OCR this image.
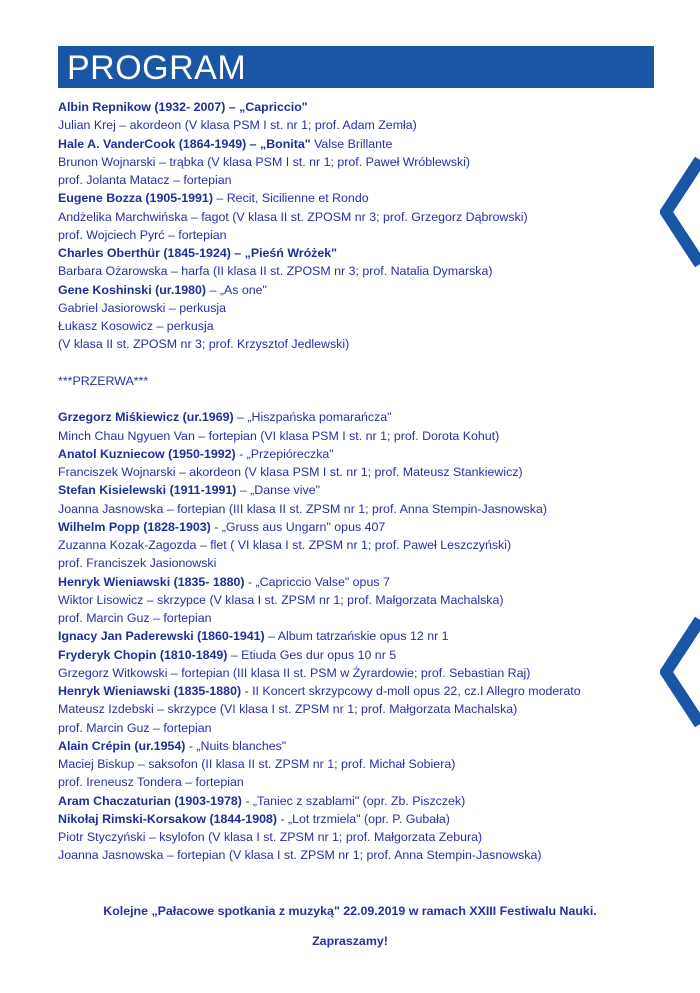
PROGRAM
Albin Repnikow (1932- 2007) – „Capriccio"
Julian Krej – akordeon (V klasa PSM I st. nr 1; prof. Adam Zemła)
Hale A. VanderCook (1864-1949) – „Bonita" Valse Brillante
Brunon Wojnarski – trąbka (V klasa PSM I st. nr 1; prof. Paweł Wróblewski)
prof. Jolanta Matacz – fortepian
Eugene Bozza (1905-1991) – Recit, Sicilienne et Rondo
Andżelika Marchwińska – fagot (V klasa II st. ZPOSM nr 3; prof. Grzegorz Dąbrowski)
prof. Wojciech Pyrć – fortepian
Charles Oberthür (1845-1924) – „Pieśń Wróżek"
Barbara Ożarowska – harfa (II klasa II st. ZPOSM nr 3; prof. Natalia Dymarska)
Gene Koshinski (ur.1980) – „As one"
Gabriel Jasiorowski – perkusja
Łukasz Kosowicz – perkusja
(V klasa II st. ZPOSM nr 3; prof. Krzysztof Jedlewski)
***PRZERWA***
Grzegorz Miśkiewicz (ur.1969) – „Hiszpańska pomarańcza"
Minch Chau Ngyuen Van – fortepian (VI klasa PSM I st. nr 1; prof. Dorota Kohut)
Anatol Kuzniecow (1950-1992) - „Przepióreczka"
Franciszek Wojnarski – akordeon (V klasa PSM I st. nr 1; prof. Mateusz Stankiewicz)
Stefan Kisielewski (1911-1991) – „Danse vive"
Joanna Jasnowska – fortepian (III klasa II st. ZPSM nr 1; prof. Anna Stempin-Jasnowska)
Wilhelm Popp (1828-1903) - „Gruss aus Ungarn" opus 407
Zuzanna Kozak-Zagozda – flet ( VI klasa I st. ZPSM nr 1; prof. Paweł Leszczyński)
prof. Franciszek Jasionowski
Henryk Wieniawski (1835- 1880) - „Capriccio Valse" opus 7
Wiktor Lisowicz – skrzypce (V klasa I st. ZPSM nr 1; prof. Małgorzata Machalska)
prof. Marcin Guz – fortepian
Ignacy Jan Paderewski (1860-1941) – Album tatrzańskie opus 12 nr 1
Fryderyk Chopin (1810-1849) – Etiuda Ges dur opus 10 nr 5
Grzegorz Witkowski – fortepian (III klasa II st. PSM w Żyrardowie; prof. Sebastian Raj)
Henryk Wieniawski (1835-1880) - II Koncert skrzypcowy d-moll opus 22, cz.I Allegro moderato
Mateusz Izdebski – skrzypce (VI klasa I st. ZPSM nr 1; prof. Małgorzata Machalska)
prof. Marcin Guz – fortepian
Alain Crépin (ur.1954) - „Nuits blanches"
Maciej Biskup – saksofon (II klasa II st. ZPSM nr 1; prof. Michał Sobiera)
prof. Ireneusz Tondera – fortepian
Aram Chaczaturian (1903-1978) - „Taniec z szablami" (opr. Zb. Piszczek)
Nikołaj Rimski-Korsakow (1844-1908) - „Lot trzmiela" (opr. P. Gubała)
Piotr Styczyński – ksylofon (V klasa I st. ZPSM nr 1; prof. Małgorzata Zebura)
Joanna Jasnowska – fortepian (V klasa I st. ZPSM nr 1; prof. Anna Stempin-Jasnowska)
Kolejne „Pałacowe spotkania z muzyką" 22.09.2019 w ramach XXIII Festiwalu Nauki.
Zapraszamy!
